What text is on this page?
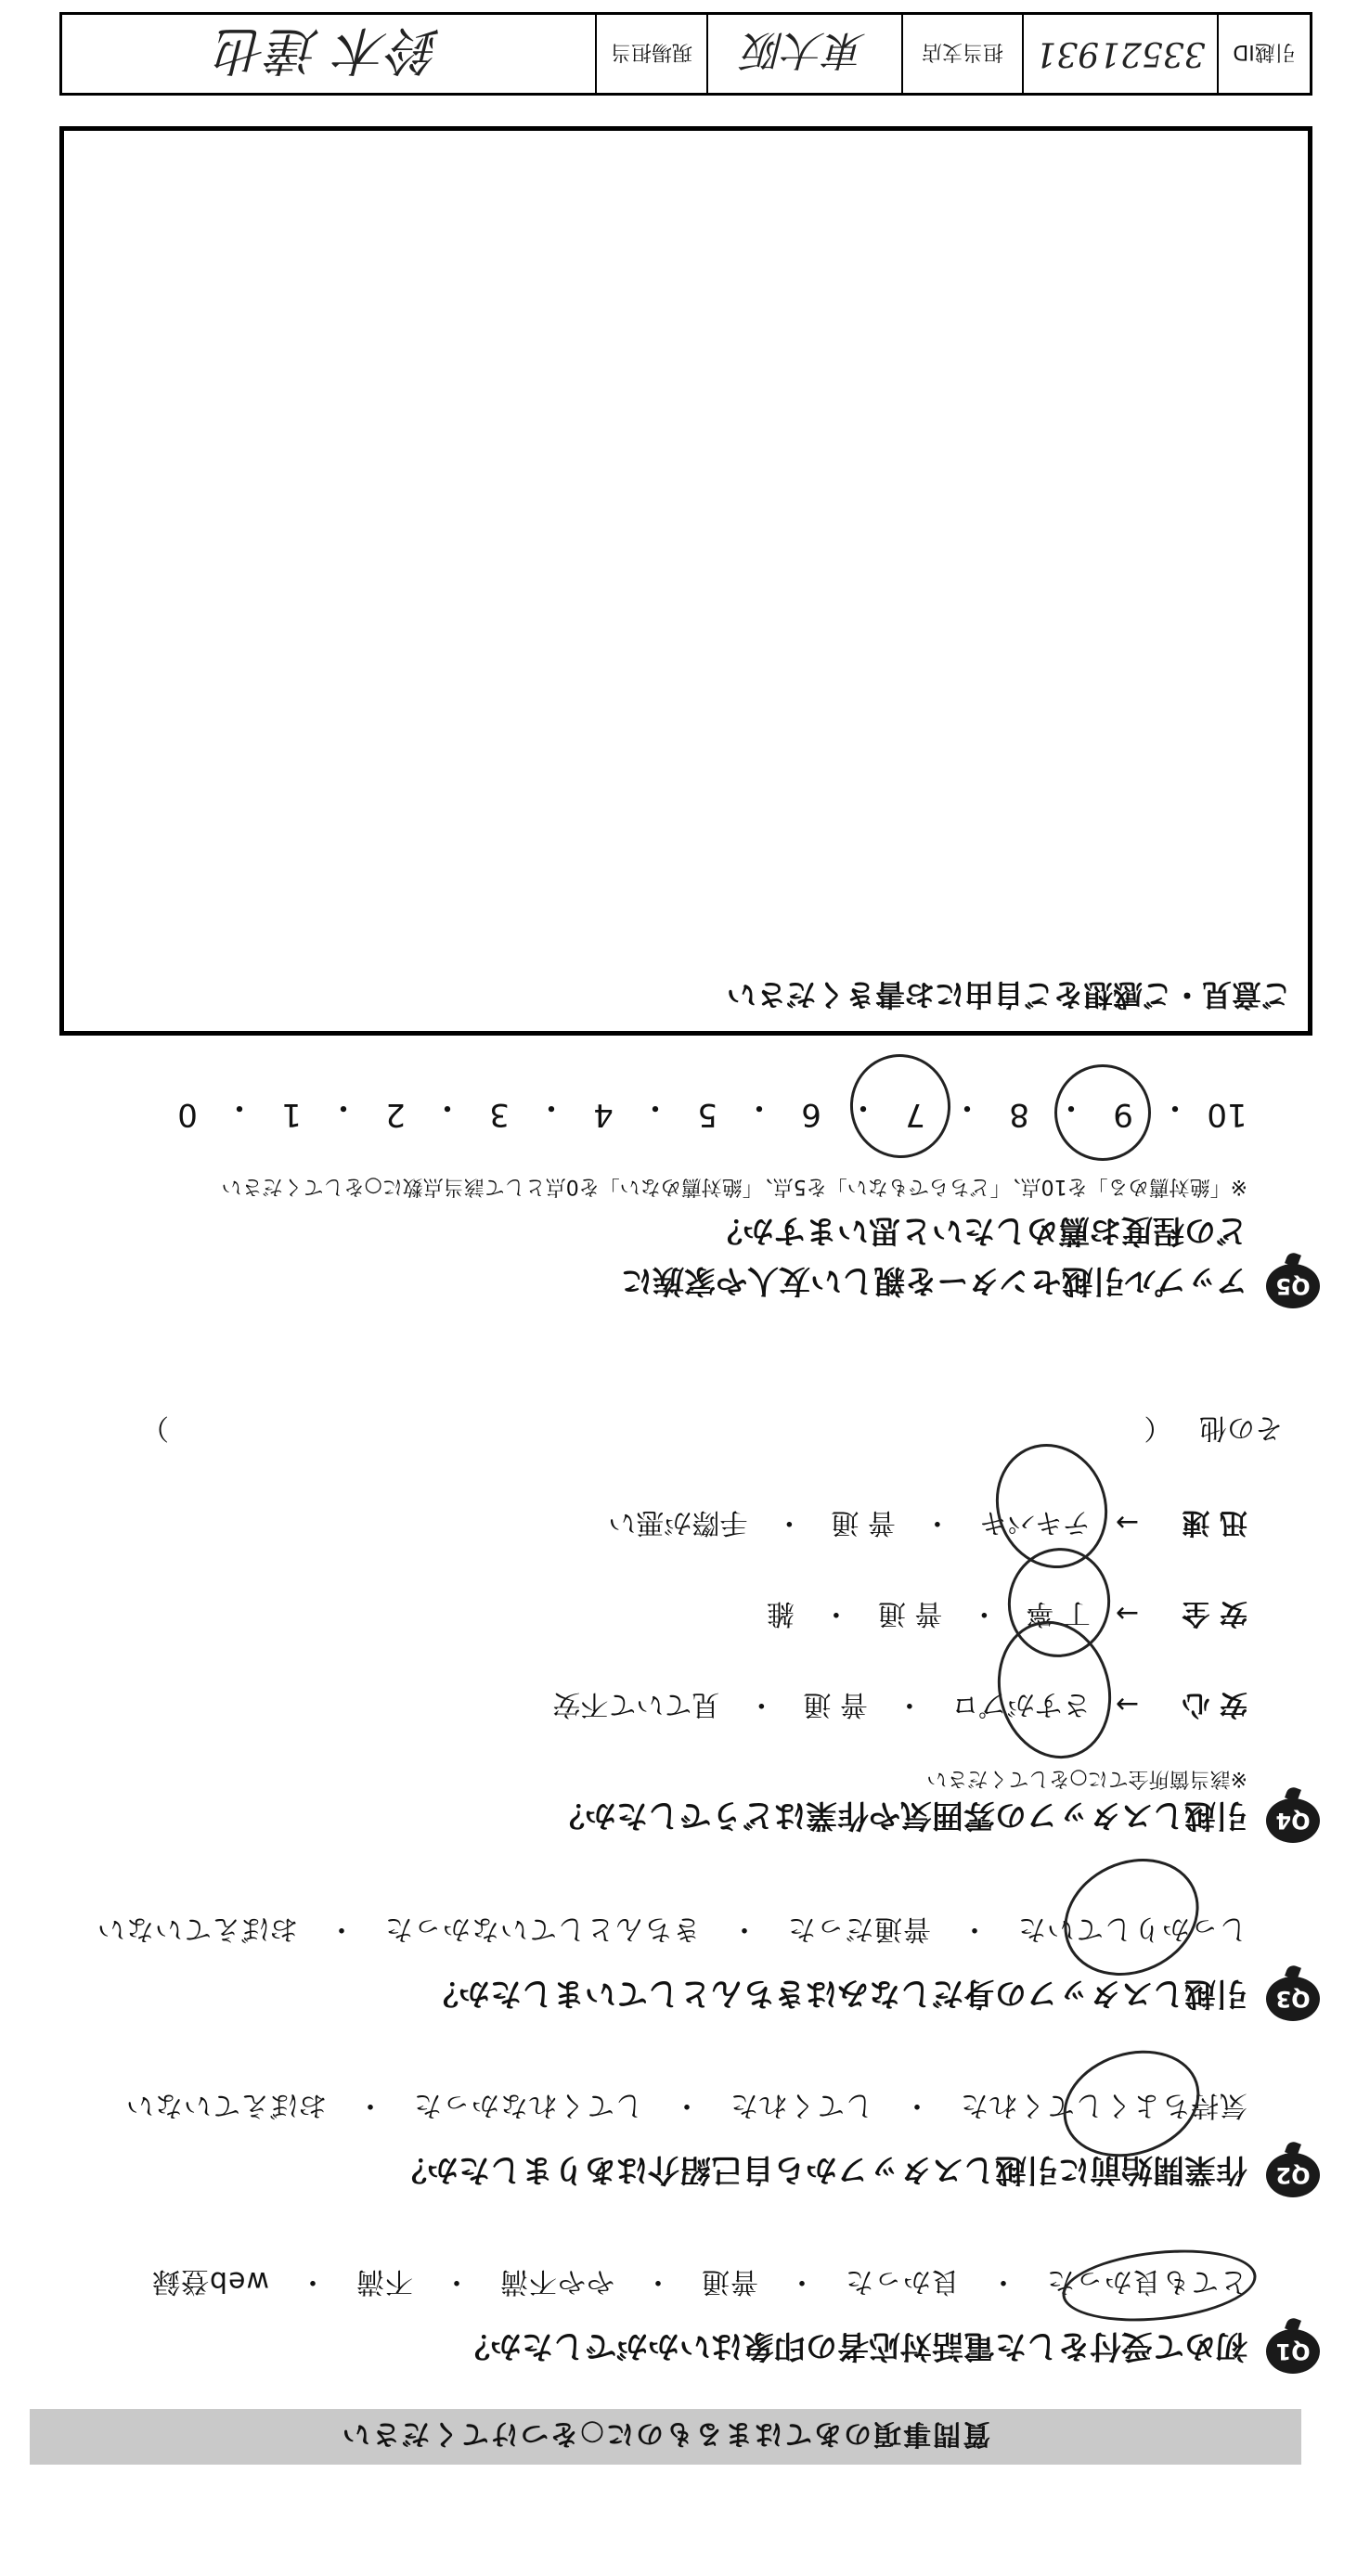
質問事項のあてはまるものに○をつけてください
Q1
初めて受付をした電話対応者の印象はいかがでしたか？
とても良かった　・　良かった　・　普通　・　やや不満　・　不満　・　web登録
Q2
作業開始前に引越しスタッフから自己紹介はありましたか？
気持ちよくしてくれた　・　してくれた　・　してくれなかった　・　おぼえていない
Q3
引越しスタッフの身だしなみはきちんとしていましたか？
しっかりしていた　・　普通だった　・　きちんとしていなかった　・　おぼえていない
Q4
引越しスタッフの雰囲気や作業はどうでしたか？
※該当箇所全てに○をしてください
安 心 → さすがプロ　・　普 通　・　見ていて不安
安 全 → 丁 寧　・　普 通　・　雑
迅 速 → テキパキ　・　普 通　・　手際が悪い
その他 （
）
Q5
アップル引越センターを親しい友人や家族に
どの程度お薦めしたいと思いますか？
※「絶対薦める」を10点、「どちらでもない」を5点、「絶対薦めない」を0点として該当点数に○をしてください
10
・
9
・
8
・
7
・
6
・
5
・
4
・
3
・
2
・
1
・
0
ご意見・ご感想をご自由にお書きください
引越ID
33521931
担当支店
東大阪
現場担当
鈴木 達也
